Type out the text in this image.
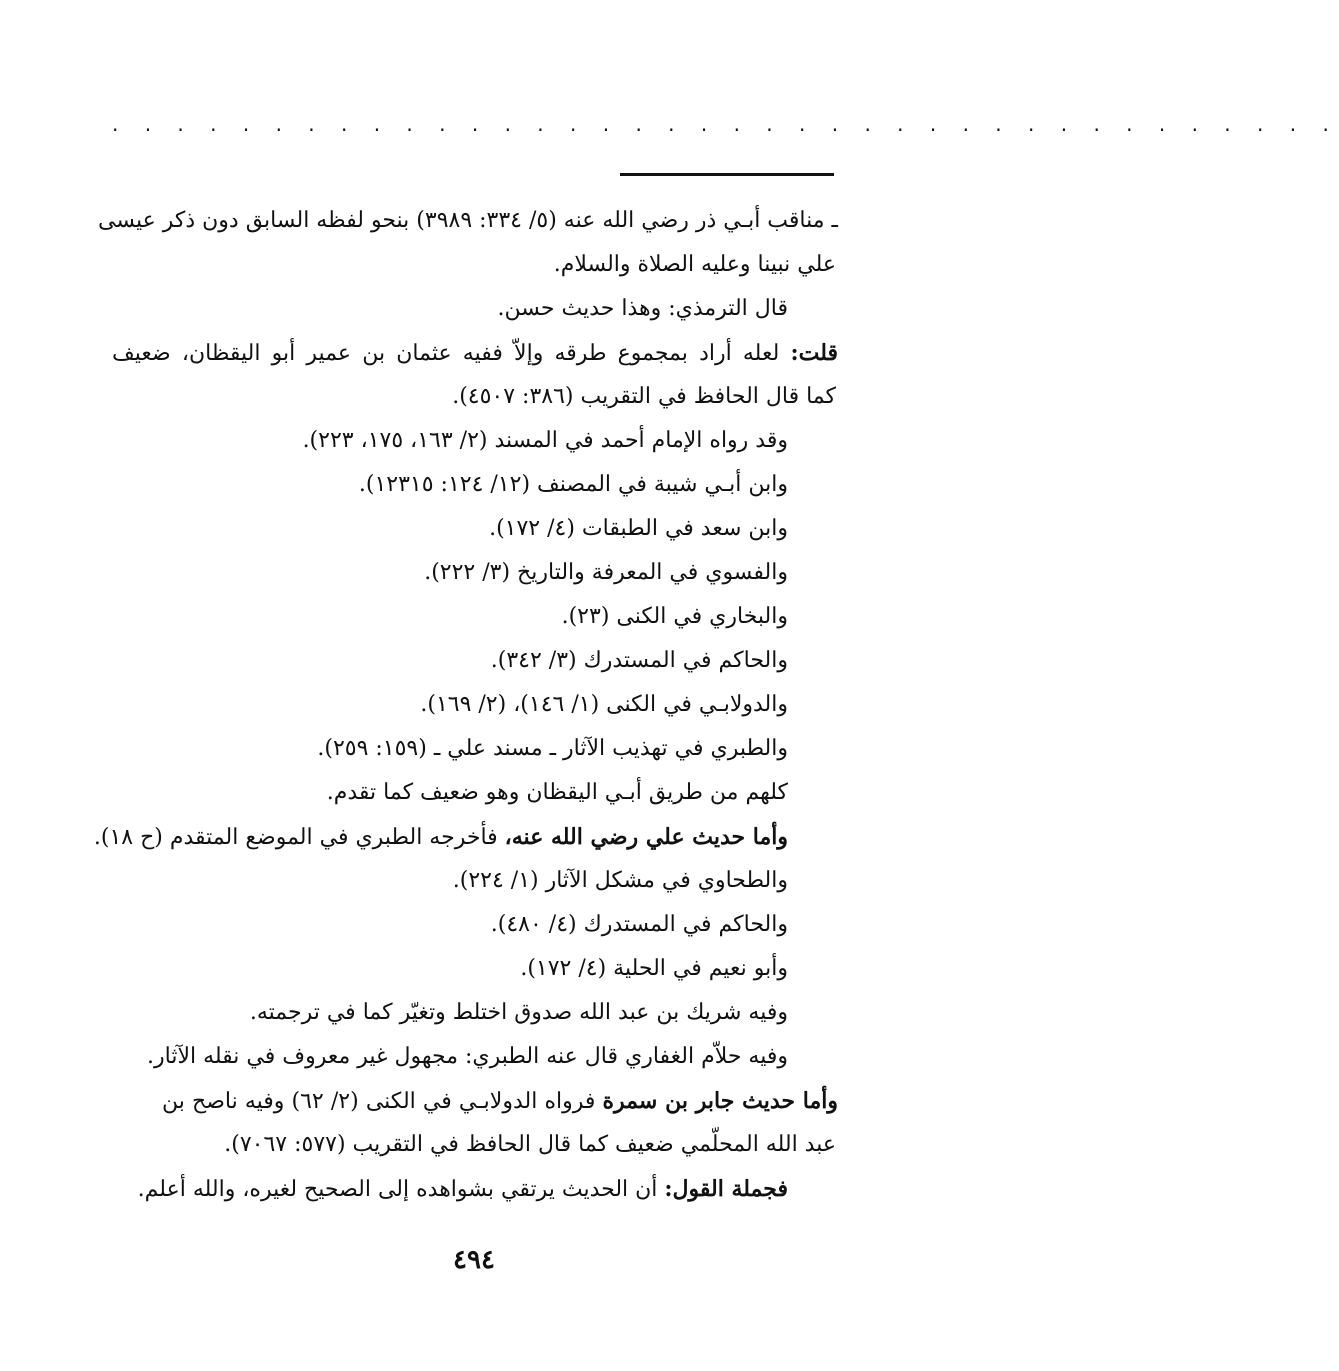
. . . . . . . . . . . . . . . . . . . . . . . . . . . . . . . . . . . . . .
ـ مناقب أبـي ذر رضي الله عنه (٥/ ٣٣٤: ٣٩٨٩) بنحو لفظه السابق دون ذكر عيسى
علي نبينا وعليه الصلاة والسلام.
قال الترمذي: وهذا حديث حسن.
قلت: لعله أراد بمجموع طرقه وإلاّ ففيه عثمان بن عمير أبو اليقظان، ضعيف
كما قال الحافظ في التقريب (٣٨٦: ٤٥٠٧).
وقد رواه الإمام أحمد في المسند (٢/ ١٦٣، ١٧٥، ٢٢٣).
وابن أبـي شيبة في المصنف (١٢/ ١٢٤: ١٢٣١٥).
وابن سعد في الطبقات (٤/ ١٧٢).
والفسوي في المعرفة والتاريخ (٣/ ٢٢٢).
والبخاري في الكنى (٢٣).
والحاكم في المستدرك (٣/ ٣٤٢).
والدولابـي في الكنى (١/ ١٤٦)، (٢/ ١٦٩).
والطبري في تهذيب الآثار ـ مسند علي ـ (١٥٩: ٢٥٩).
كلهم من طريق أبـي اليقظان وهو ضعيف كما تقدم.
وأما حديث علي رضي الله عنه، فأخرجه الطبري في الموضع المتقدم (ح ١٨).
والطحاوي في مشكل الآثار (١/ ٢٢٤).
والحاكم في المستدرك (٤/ ٤٨٠).
وأبو نعيم في الحلية (٤/ ١٧٢).
وفيه شريك بن عبد الله صدوق اختلط وتغيّر كما في ترجمته.
وفيه حلاّم الغفاري قال عنه الطبري: مجهول غير معروف في نقله الآثار.
وأما حديث جابر بن سمرة فرواه الدولابـي في الكنى (٢/ ٦٢) وفيه ناصح بن
عبد الله المحلّمي ضعيف كما قال الحافظ في التقريب (٥٧٧: ٧٠٦٧).
فجملة القول: أن الحديث يرتقي بشواهده إلى الصحيح لغيره، والله أعلم.
٤٩٤
